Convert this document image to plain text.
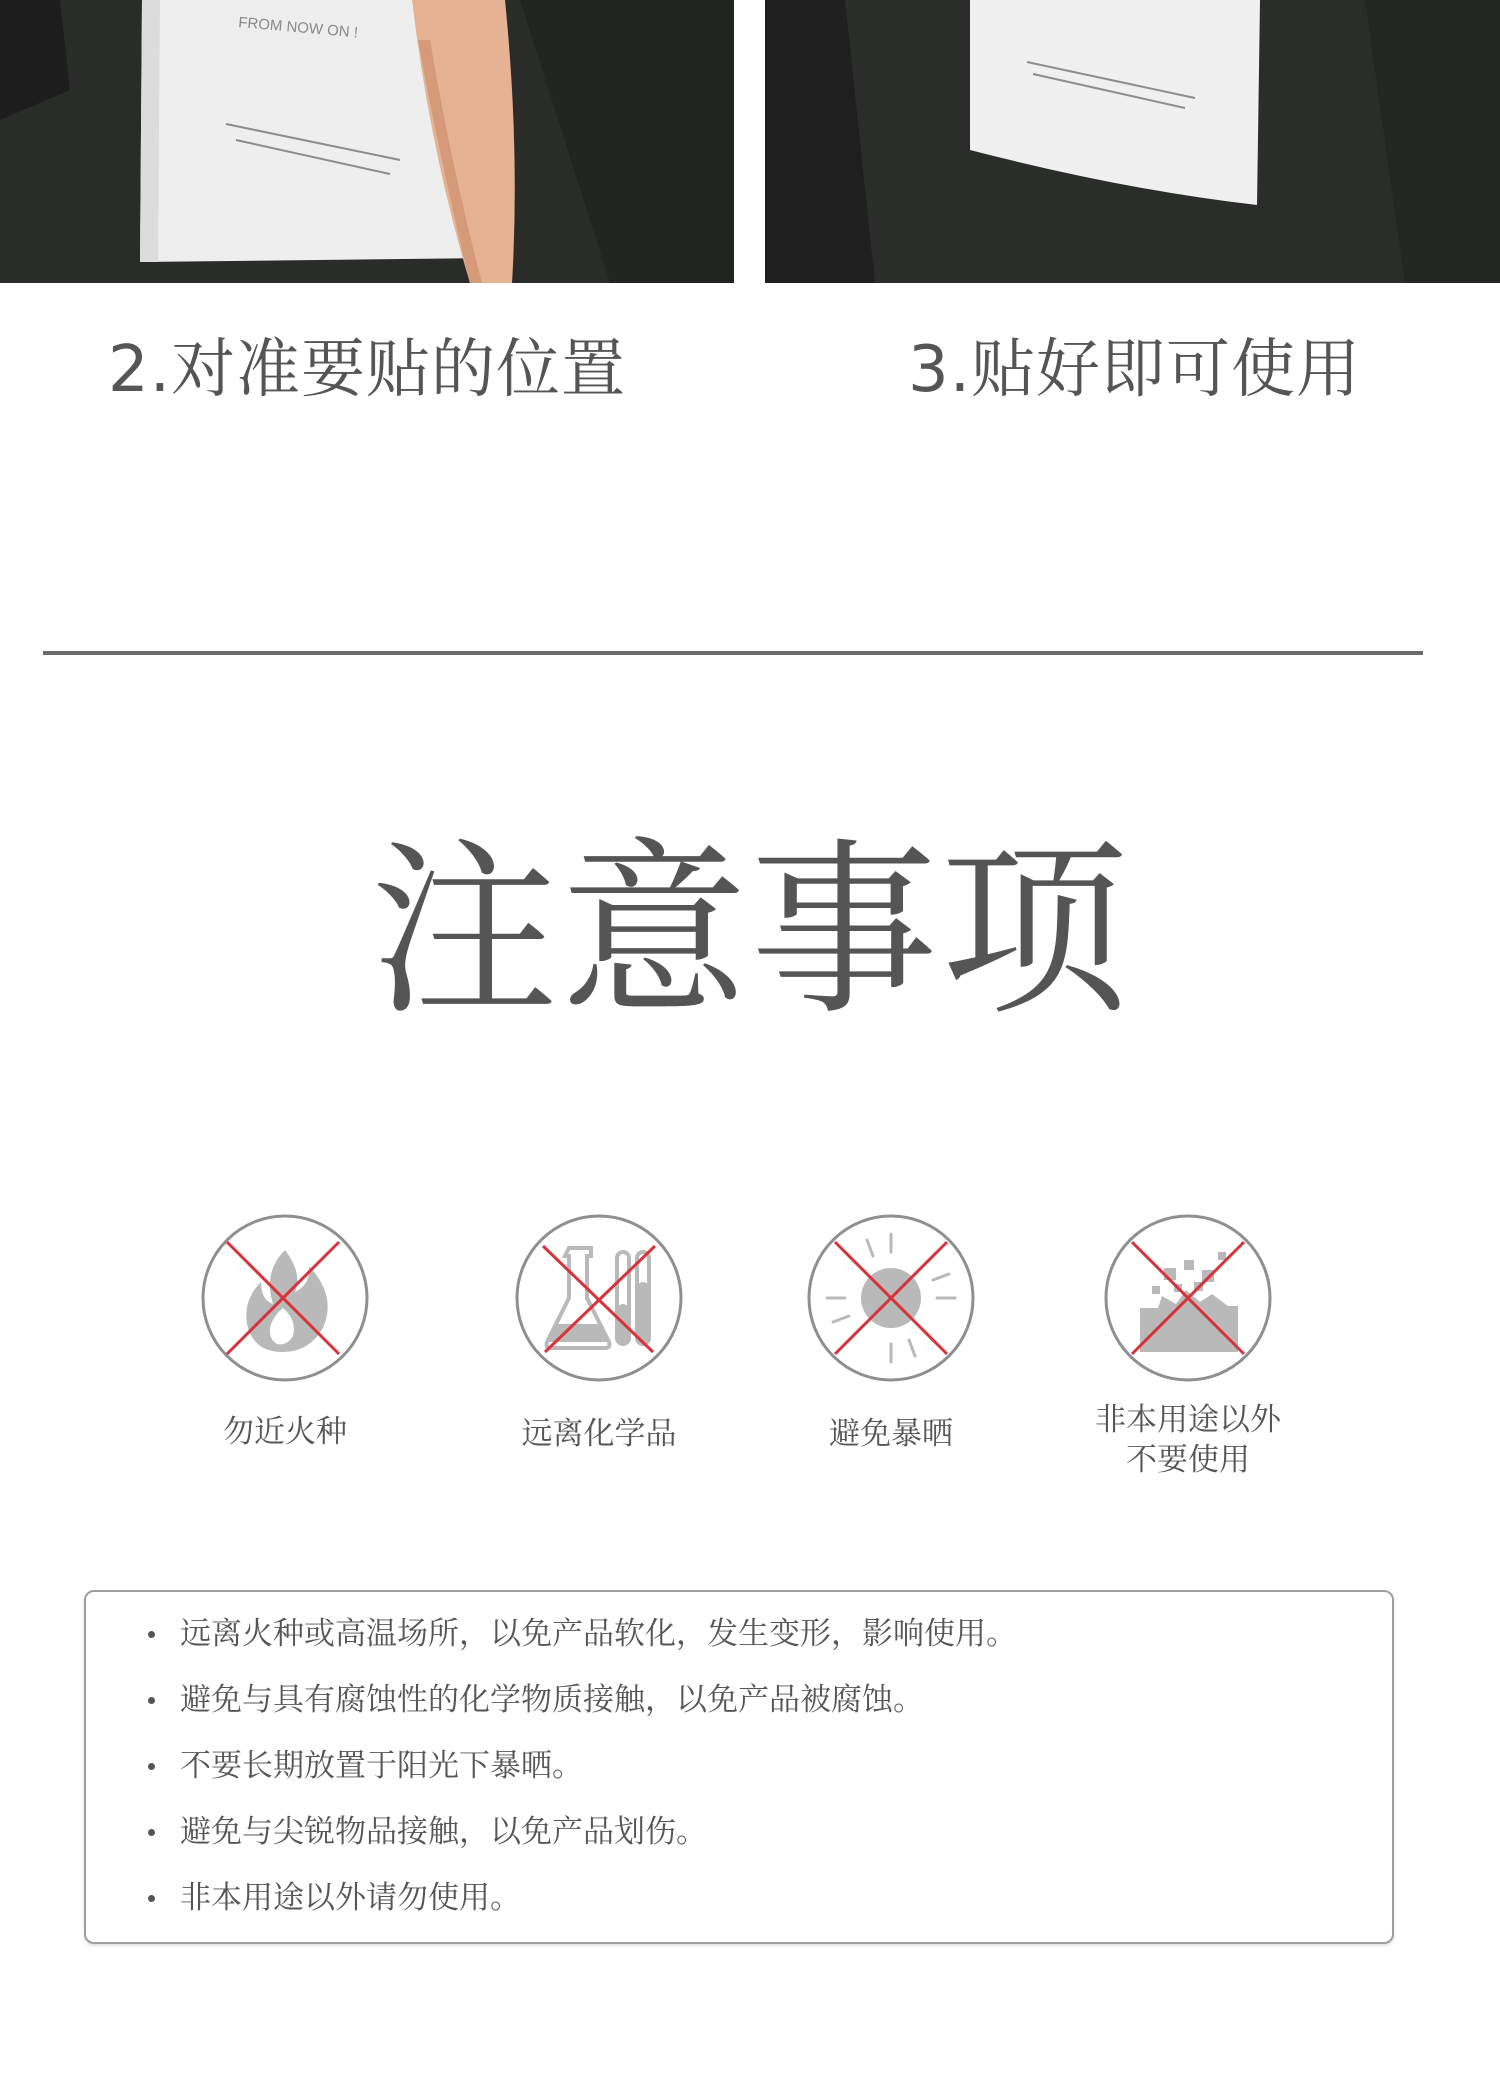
FROM NOW ON !
2.对准要贴的位置	3.贴好即可使用
注意事项
勿近火种	远离化学品	避免暴晒	非本用途以外
不要使用
远离火种或高温场所，以免产品软化，发生变形，影响使用。
避免与具有腐蚀性的化学物质接触，以免产品被腐蚀。
不要长期放置于阳光下暴晒。
避免与尖锐物品接触，以免产品划伤。
非本用途以外请勿使用。
